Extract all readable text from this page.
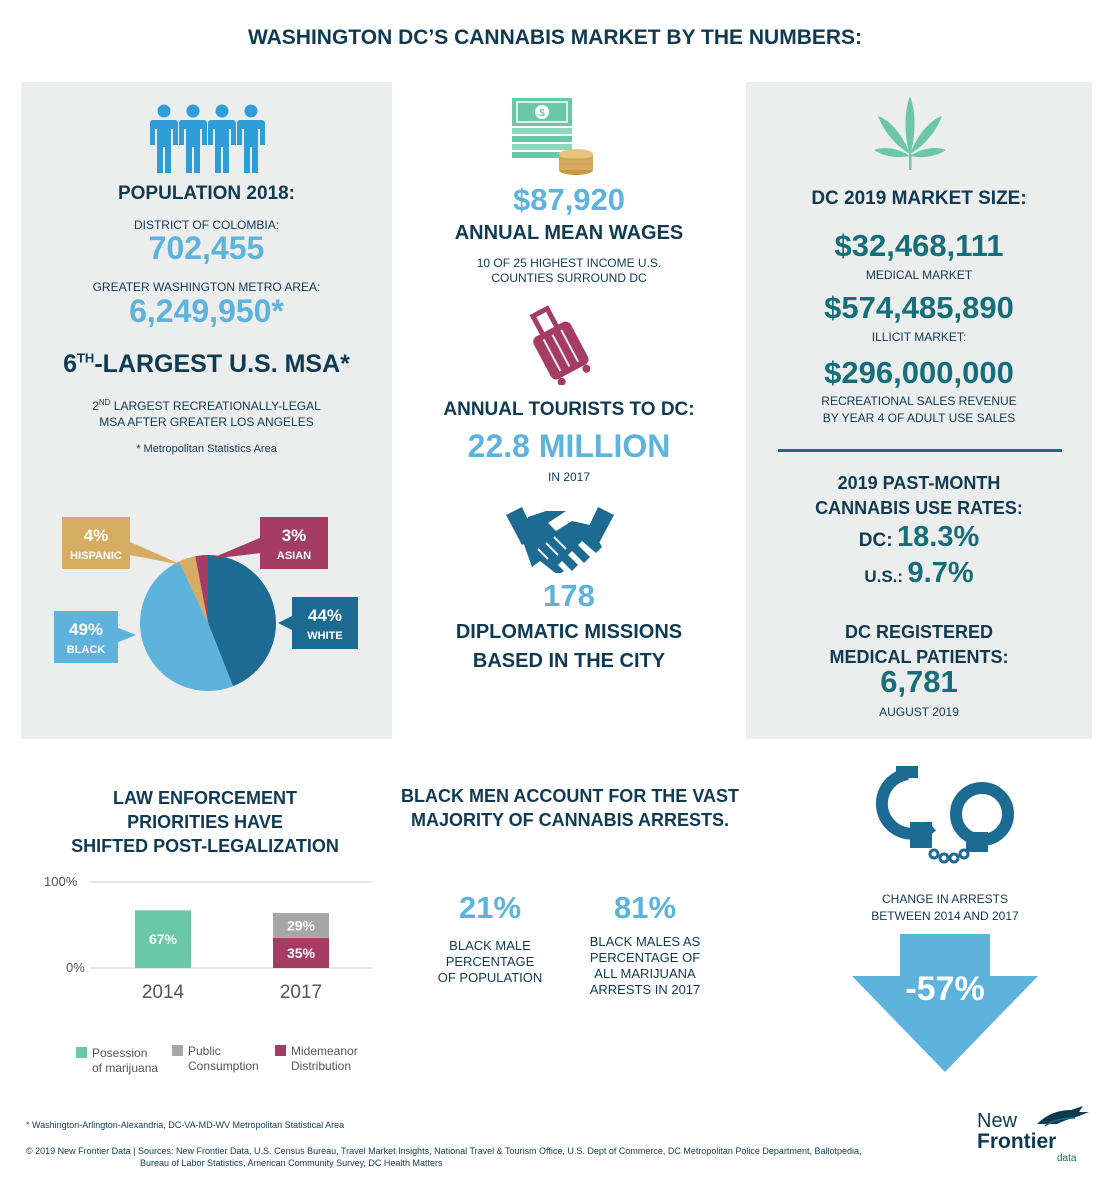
WASHINGTON DC’S CANNABIS MARKET BY THE NUMBERS:
POPULATION 2018:
DISTRICT OF COLOMBIA:
702,455
GREATER WASHINGTON METRO AREA:
6,249,950*
6TH-LARGEST U.S. MSA*
2ND LARGEST RECREATIONALLY-LEGAL
MSA AFTER GREATER LOS ANGELES
* Metropolitan Statistics Area
4%
HISPANIC
3%
ASIAN
44%
WHITE
49%
BLACK
$
$87,920
ANNUAL MEAN WAGES
10 OF 25 HIGHEST INCOME U.S.
COUNTIES SURROUND DC
ANNUAL TOURISTS TO DC:
22.8 MILLION
IN 2017
178
DIPLOMATIC MISSIONS
BASED IN THE CITY
DC 2019 MARKET SIZE:
$32,468,111
MEDICAL MARKET
$574,485,890
ILLICIT MARKET:
$296,000,000
RECREATIONAL SALES REVENUE
BY YEAR 4 OF ADULT USE SALES
2019 PAST-MONTH
CANNABIS USE RATES:
DC: 18.3%
U.S.: 9.7%
DC REGISTERED
MEDICAL PATIENTS:
6,781
AUGUST 2019
LAW ENFORCEMENT
PRIORITIES HAVE
SHIFTED POST-LEGALIZATION
100%
0%
67%
35%
29%
2014	2017
Posession
of marijuana
Public
Consumption
Midemeanor
Distribution
BLACK MEN ACCOUNT FOR THE VAST
MAJORITY OF CANNABIS ARRESTS.
21%
BLACK MALE
PERCENTAGE
OF POPULATION
81%
BLACK MALES AS
PERCENTAGE OF
ALL MARIJUANA
ARRESTS IN 2017
CHANGE IN ARRESTS
BETWEEN 2014 AND 2017
-57%
* Washington-Arlington-Alexandria, DC-VA-MD-WV Metropolitan Statistical Area
© 2019 New Frontier Data | Sources: New Frontier Data, U.S. Census Bureau, Travel Market Insights, National Travel & Tourism Office, U.S. Dept of Commerce, DC Metropolitan Police Department, Ballotpedia,
Bureau of Labor Statistics, American Community Survey, DC Health Matters
New
Frontier
data
